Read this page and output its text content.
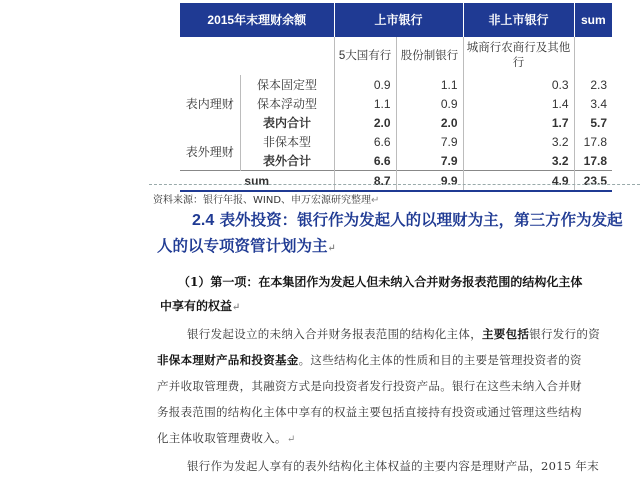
2015年末理财余额		上市银行		非上市银行	sum
		5大国有行	股份制银行	城商行农商行及其他行	
表内理财	保本固定型	0.9	1.1	0.3	2.3
	保本浮动型	1.1	0.9	1.4	3.4
	表内合计	2.0	2.0	1.7	5.7
表外理财	非保本型	6.6	7.9	3.2	17.8
	表外合计	6.6	7.9	3.2	17.8
sum		8.7	9.9	4.9	23.5
资料来源：银行年报、WIND、申万宏源研究整理↵
2.4 表外投资：银行作为发起人的以理财为主，第三方作为发起
人的以专项资管计划为主↵
（1）第一项：在本集团作为发起人但未纳入合并财务报表范围的结构化主体
中享有的权益↵
银行发起设立的未纳入合并财务报表范围的结构化主体，主要包括银行发行的资
非保本理财产品和投资基金。这些结构化主体的性质和目的主要是管理投资者的资
产并收取管理费，其融资方式是向投资者发行投资产品。银行在这些未纳入合并财
务报表范围的结构化主体中享有的权益主要包括直接持有投资或通过管理这些结构
化主体收取管理费收入。↵
银行作为发起人享有的表外结构化主体权益的主要内容是理财产品，2015 年末
